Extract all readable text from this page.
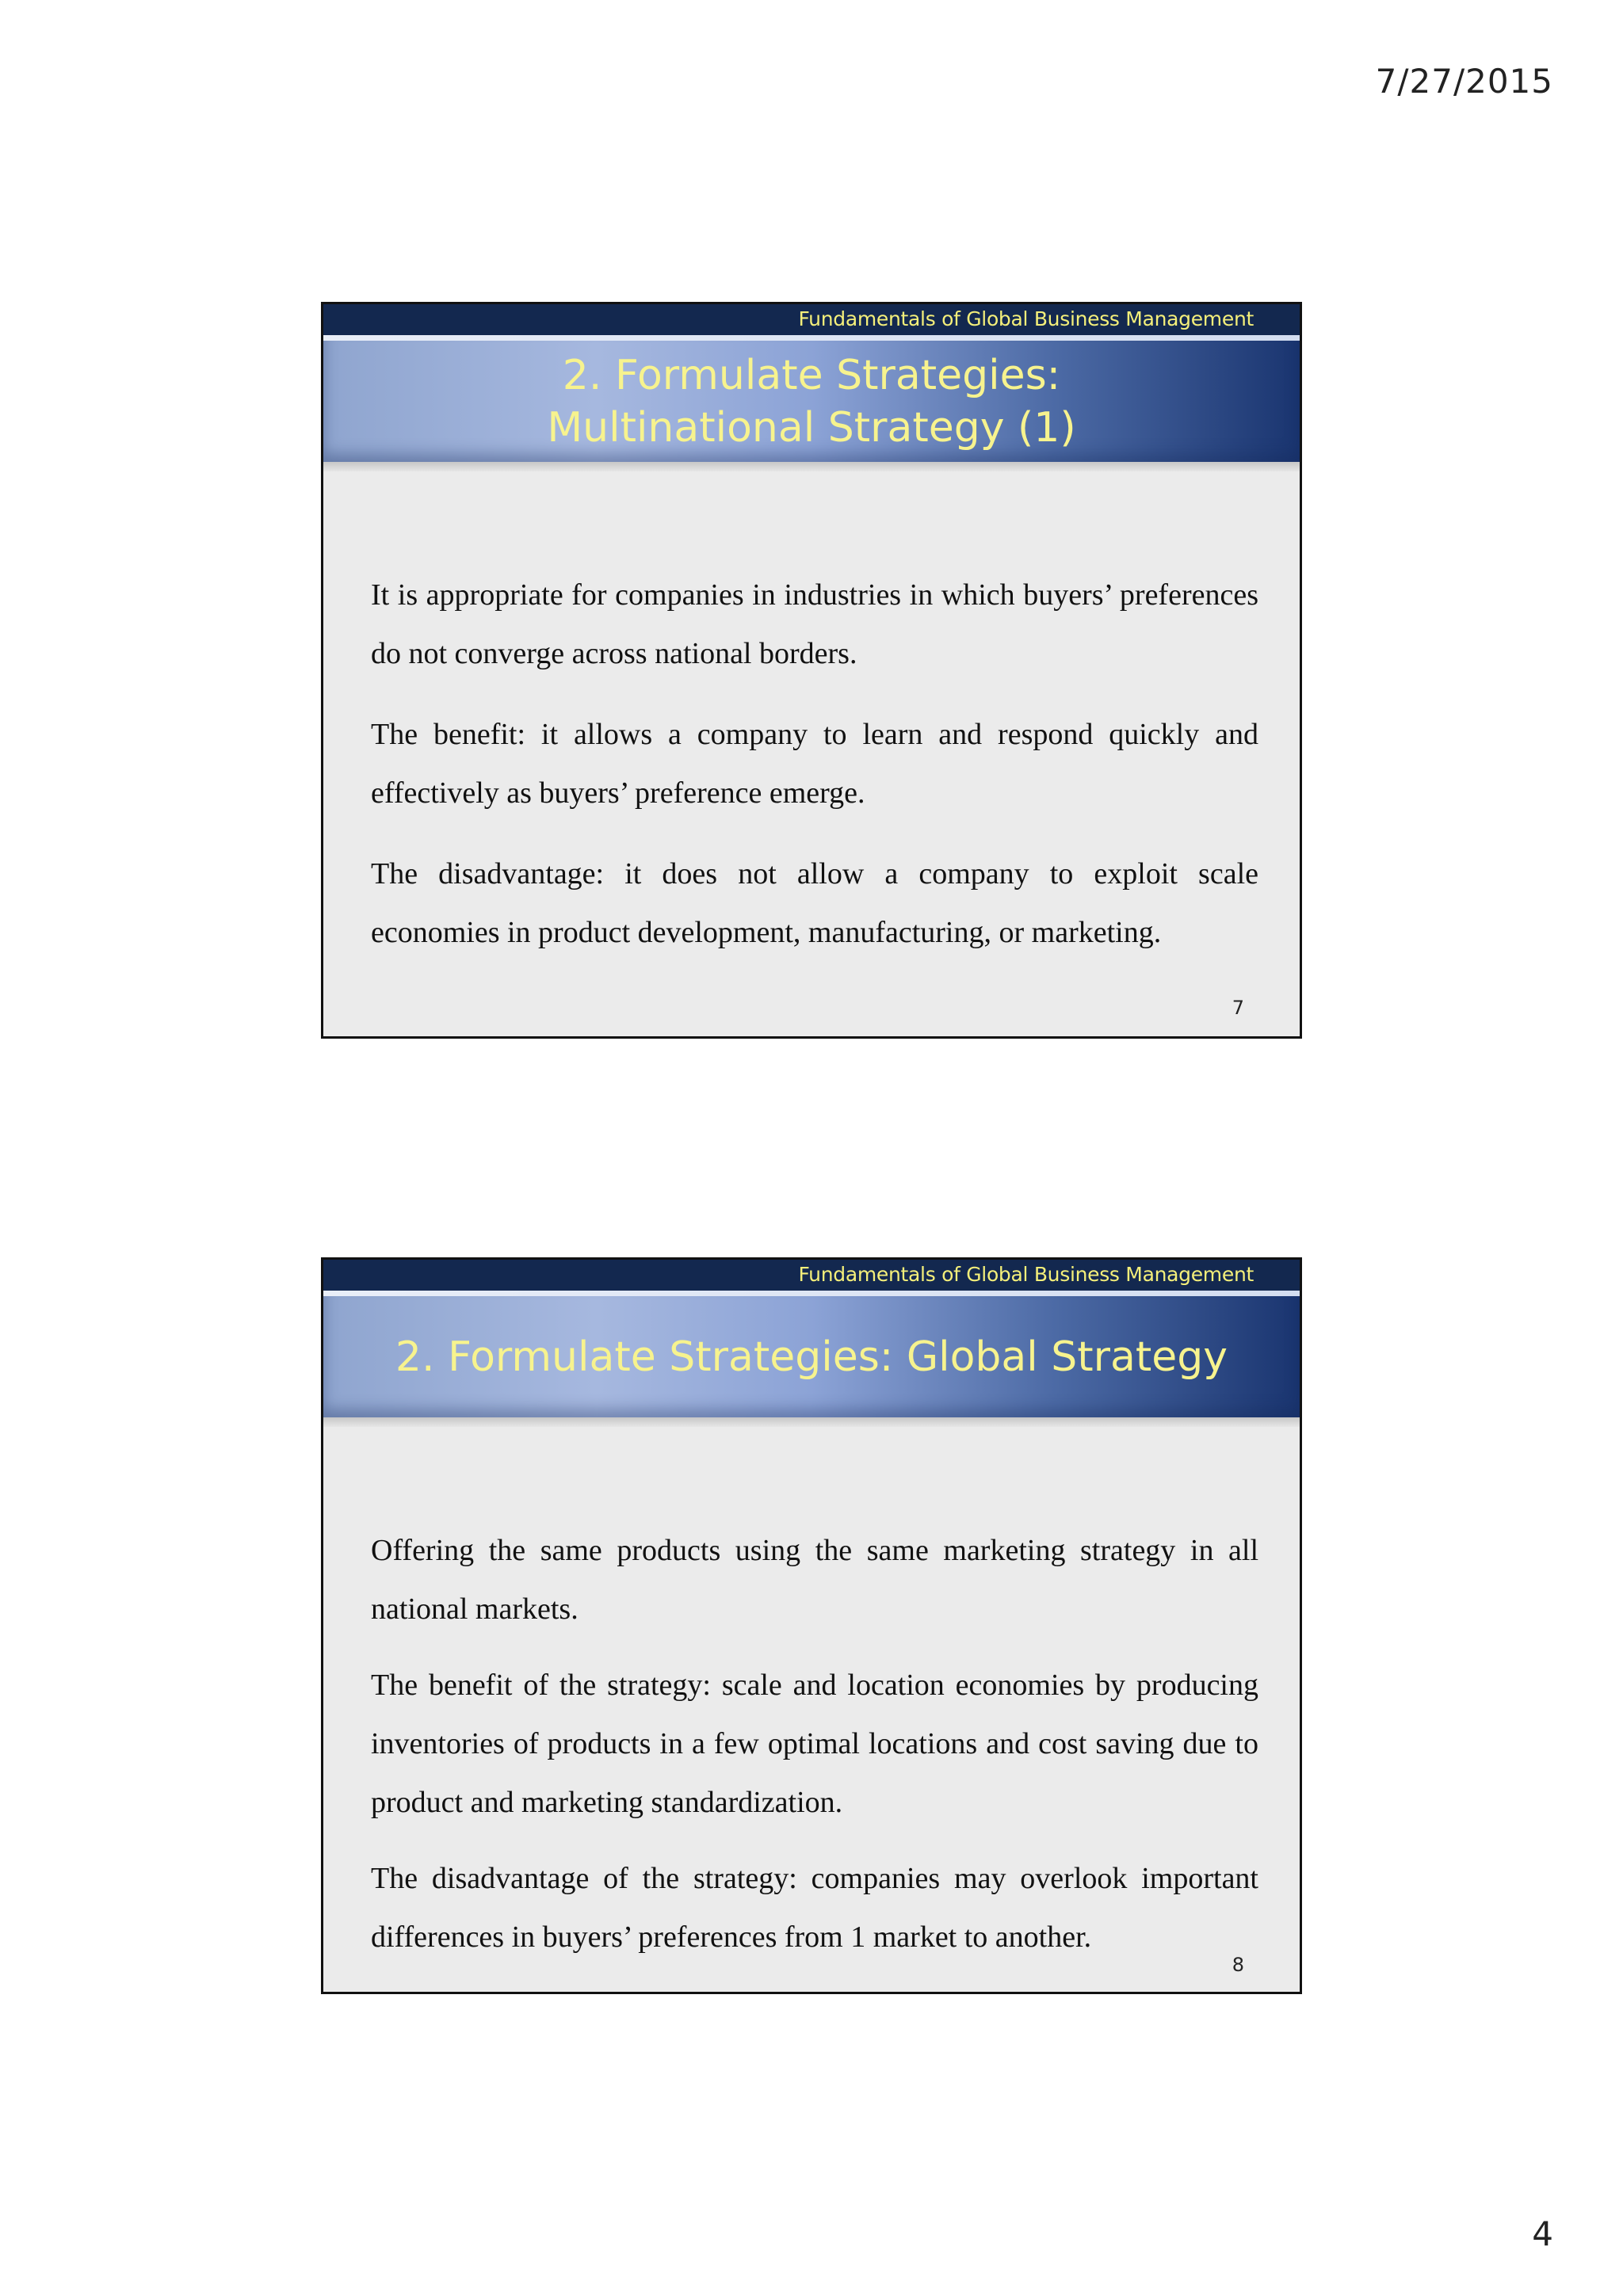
7/27/2015
Fundamentals of Global Business Management
2. Formulate Strategies:
Multinational Strategy (1)

It is appropriate for companies in industries in which buyers’ preferences do not converge across national borders.

The benefit: it allows a company to learn and respond quickly and effectively as buyers’ preference emerge.

The disadvantage: it does not allow a company to exploit scale economies in product development, manufacturing, or marketing.

7
Fundamentals of Global Business Management
2. Formulate Strategies: Global Strategy

Offering the same products using the same marketing strategy in all national markets.

The benefit of the strategy: scale and location economies by producing inventories of products in a few optimal locations and cost saving due to product and marketing standardization.

The disadvantage of the strategy: companies may overlook important differences in buyers’ preferences from 1 market to another.

8
4
